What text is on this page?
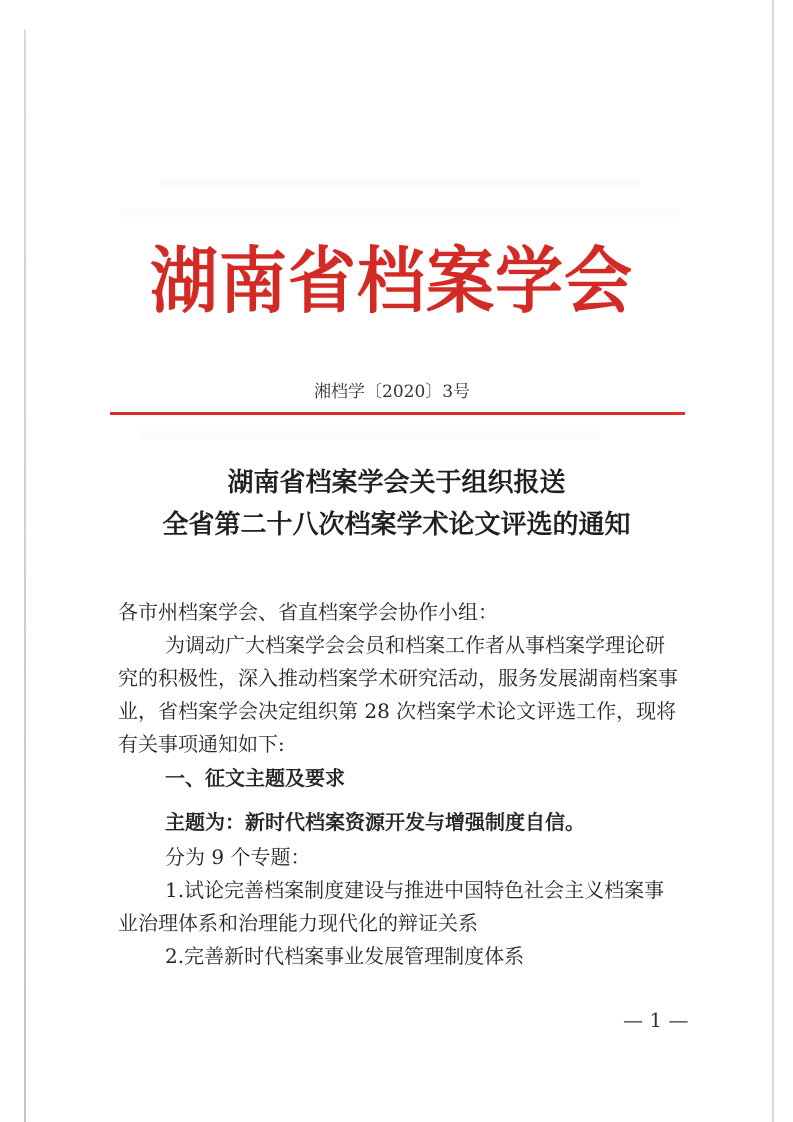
湖南省档案学会
湘档学〔2020〕3号
湖南省档案学会关于组织报送
全省第二十八次档案学术论文评选的通知
各市州档案学会、省直档案学会协作小组：
为调动广大档案学会会员和档案工作者从事档案学理论研
究的积极性，深入推动档案学术研究活动，服务发展湖南档案事
业，省档案学会决定组织第 28 次档案学术论文评选工作，现将
有关事项通知如下:
一、征文主题及要求
主题为：新时代档案资源开发与增强制度自信。
分为 9 个专题：
1.试论完善档案制度建设与推进中国特色社会主义档案事
业治理体系和治理能力现代化的辩证关系
2.完善新时代档案事业发展管理制度体系
— 1 —
